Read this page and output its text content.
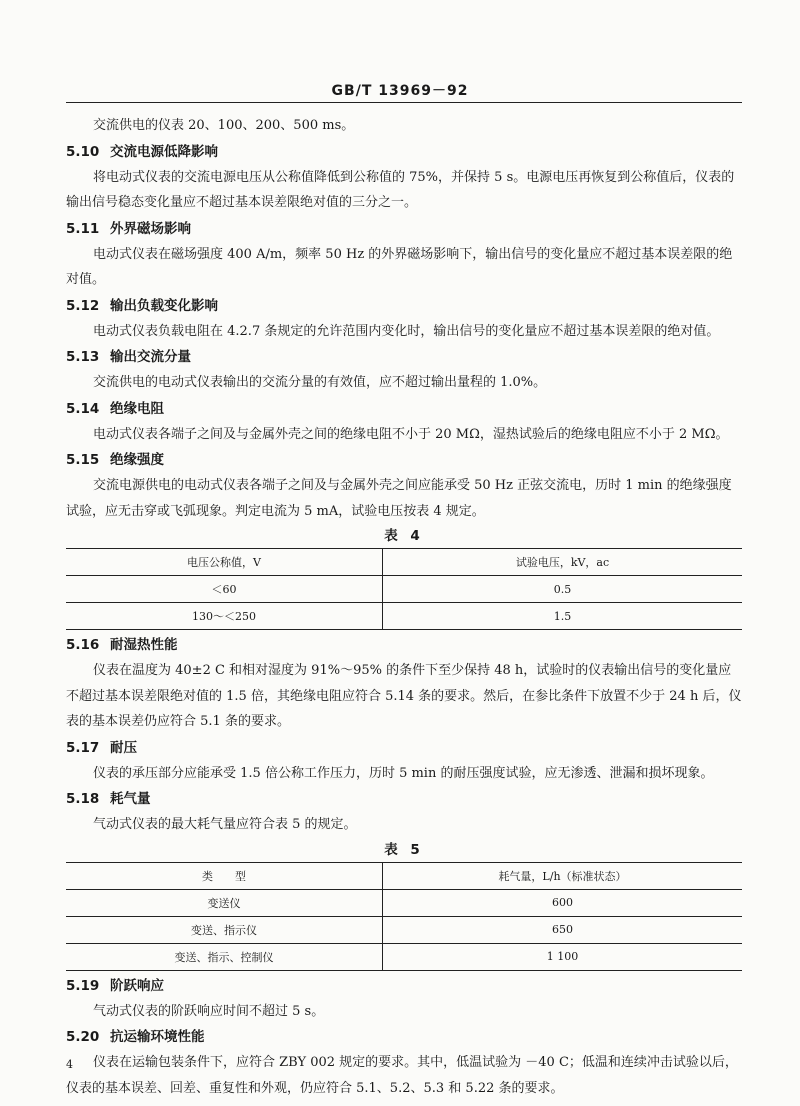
GB/T 13969－92

交流供电的仪表 20、100、200、500 ms。

5.10 交流电源低降影响

将电动式仪表的交流电源电压从公称值降低到公称值的 75%，并保持 5 s。电源电压再恢复到公称值后，仪表的输出信号稳态变化量应不超过基本误差限绝对值的三分之一。

5.11 外界磁场影响

电动式仪表在磁场强度 400 A/m，频率 50 Hz 的外界磁场影响下，输出信号的变化量应不超过基本误差限的绝对值。

5.12 输出负载变化影响

电动式仪表负载电阻在 4.2.7 条规定的允许范围内变化时，输出信号的变化量应不超过基本误差限的绝对值。

5.13 输出交流分量

交流供电的电动式仪表输出的交流分量的有效值，应不超过输出量程的 1.0%。

5.14 绝缘电阻

电动式仪表各端子之间及与金属外壳之间的绝缘电阻不小于 20 MΩ，湿热试验后的绝缘电阻应不小于 2 MΩ。

5.15 绝缘强度

交流电源供电的电动式仪表各端子之间及与金属外壳之间应能承受 50 Hz 正弦交流电，历时 1 min 的绝缘强度试验，应无击穿或飞弧现象。判定电流为 5 mA，试验电压按表 4 规定。

表 4
电压公称值，V	试验电压，kV，ac
＜60	0.5
130～＜250	1.5
5.16 耐湿热性能

仪表在温度为 40±2 C 和相对湿度为 91%～95% 的条件下至少保持 48 h，试验时的仪表输出信号的变化量应不超过基本误差限绝对值的 1.5 倍，其绝缘电阻应符合 5.14 条的要求。然后，在参比条件下放置不少于 24 h 后，仪表的基本误差仍应符合 5.1 条的要求。

5.17 耐压

仪表的承压部分应能承受 1.5 倍公称工作压力，历时 5 min 的耐压强度试验，应无渗透、泄漏和损坏现象。

5.18 耗气量

气动式仪表的最大耗气量应符合表 5 的规定。

表 5
类　　型	耗气量，L/h（标准状态）
变送仪	600
变送、指示仪	650
变送、指示、控制仪	1 100
5.19 阶跃响应

气动式仪表的阶跃响应时间不超过 5 s。

5.20 抗运输环境性能

仪表在运输包装条件下，应符合 ZBY 002 规定的要求。其中，低温试验为 －40 C；低温和连续冲击试验以后，仪表的基本误差、回差、重复性和外观，仍应符合 5.1、5.2、5.3 和 5.22 条的要求。

4
